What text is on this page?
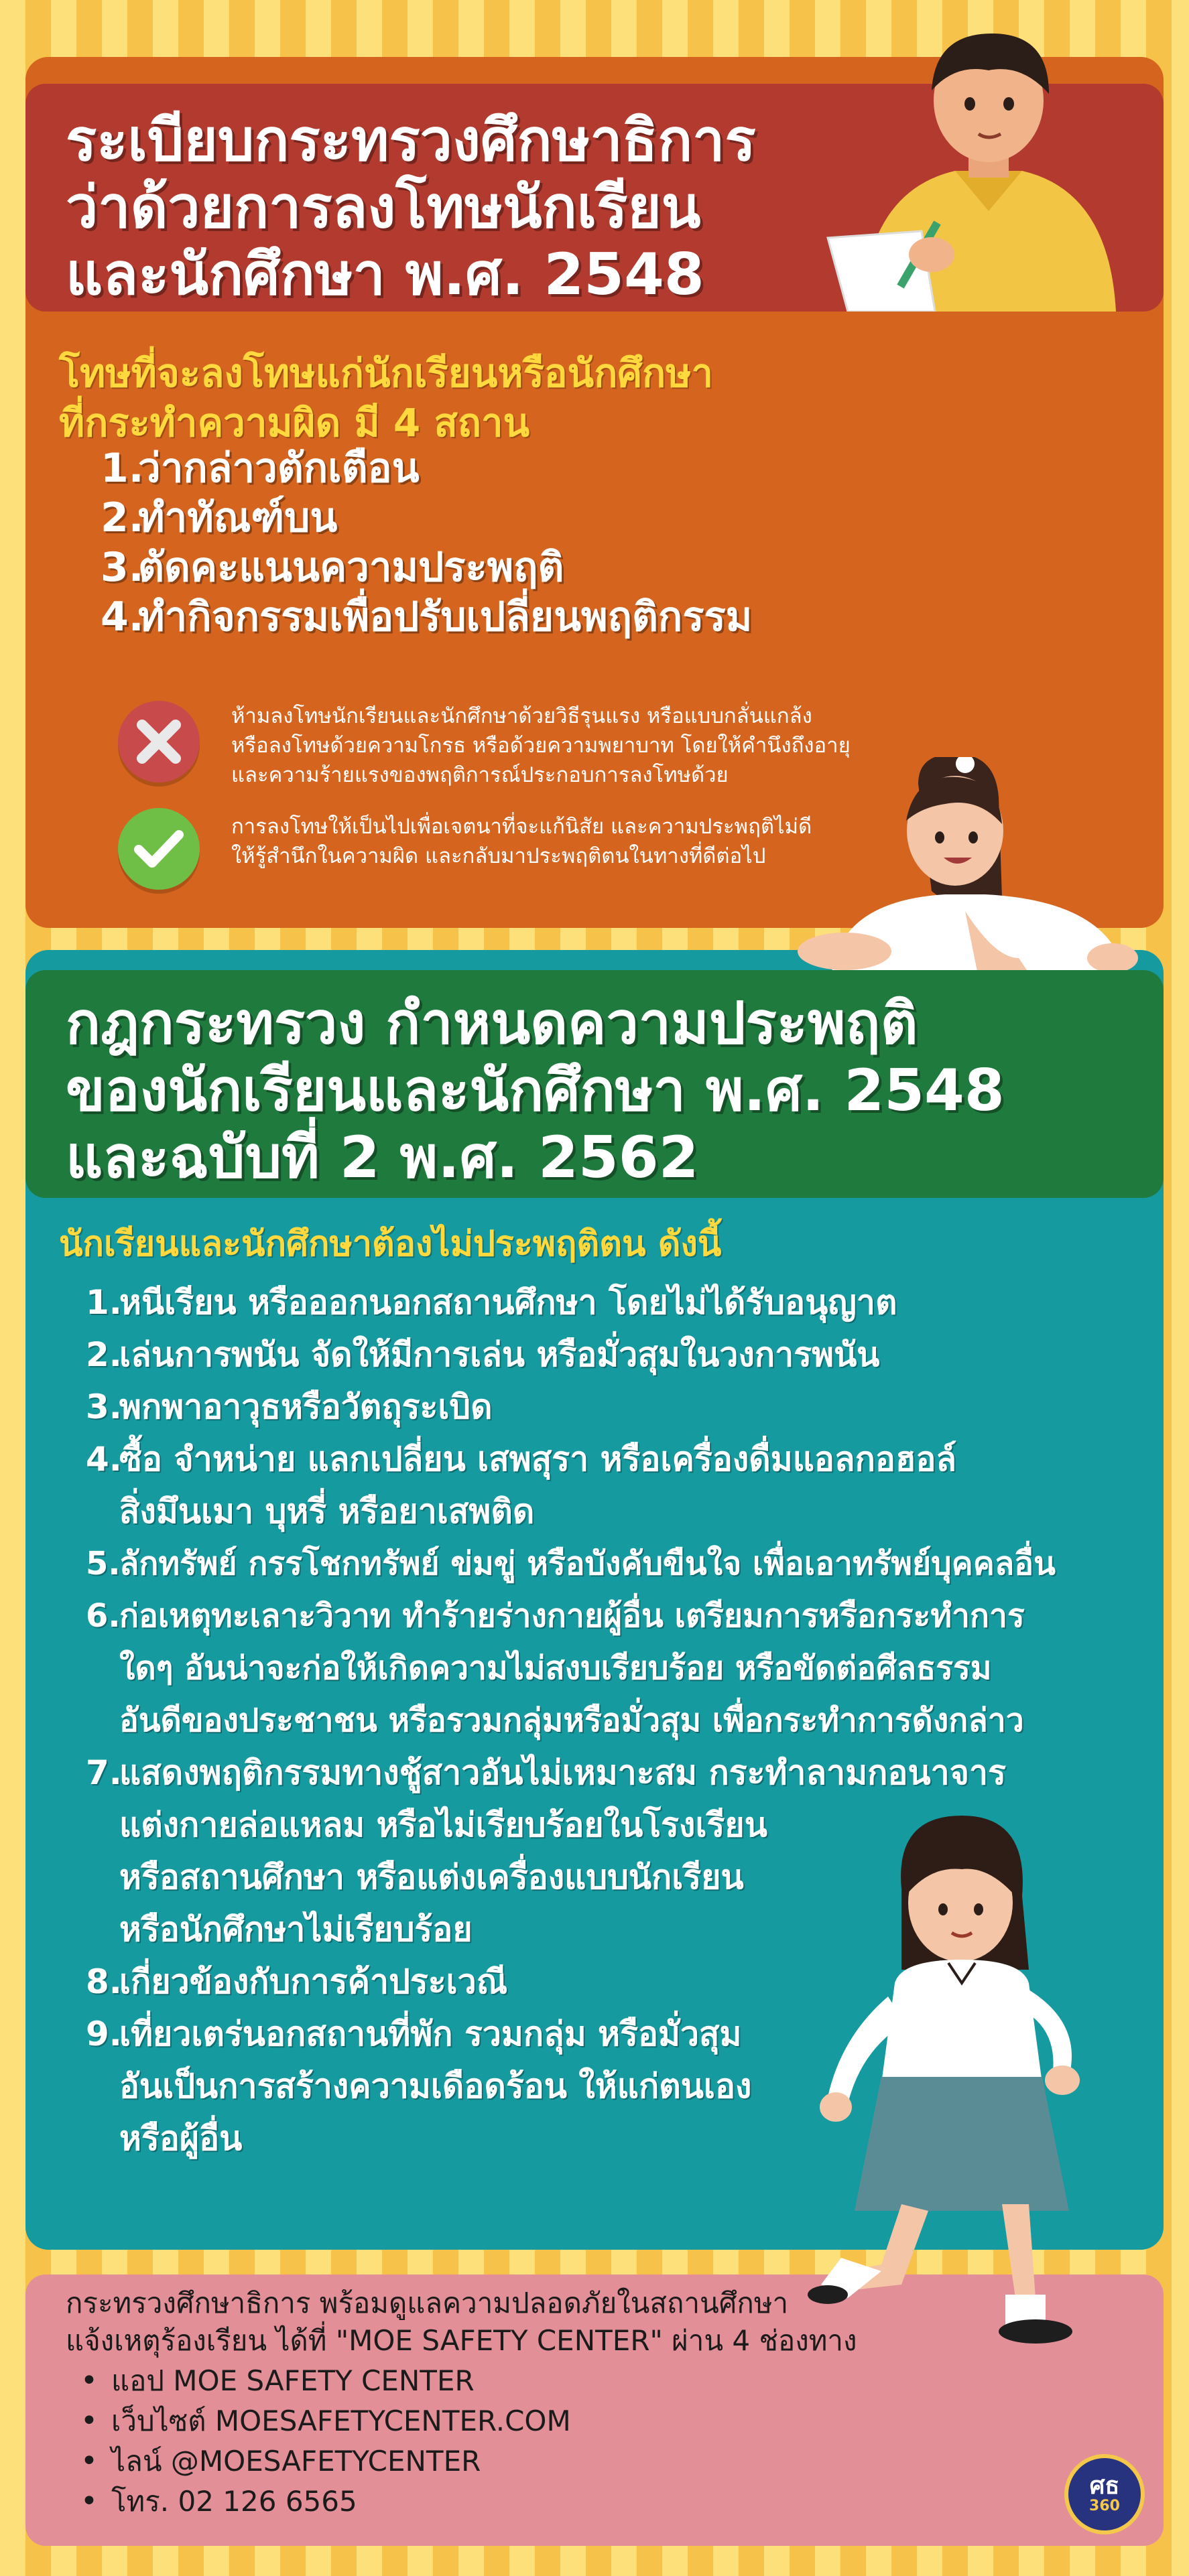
ระเบียบกระทรวงศึกษาธิการ
ว่าด้วยการลงโทษนักเรียน
และนักศึกษา พ.ศ. 2548
โทษที่จะลงโทษแก่นักเรียนหรือนักศึกษา
ที่กระทำความผิด มี 4 สถาน
1.ว่ากล่าวตักเตือน
2.ทำทัณฑ์บน
3.ตัดคะแนนความประพฤติ
4.ทำกิจกรรมเพื่อปรับเปลี่ยนพฤติกรรม
ห้ามลงโทษนักเรียนและนักศึกษาด้วยวิธีรุนแรง หรือแบบกลั่นแกล้ง
หรือลงโทษด้วยความโกรธ หรือด้วยความพยาบาท โดยให้คำนึงถึงอายุ
และความร้ายแรงของพฤติการณ์ประกอบการลงโทษด้วย
การลงโทษให้เป็นไปเพื่อเจตนาที่จะแก้นิสัย และความประพฤติไม่ดี
ให้รู้สำนึกในความผิด และกลับมาประพฤติตนในทางที่ดีต่อไป
กฎกระทรวง กำหนดความประพฤติ
ของนักเรียนและนักศึกษา พ.ศ. 2548
และฉบับที่ 2 พ.ศ. 2562
นักเรียนและนักศึกษาต้องไม่ประพฤติตน ดังนี้
1.หนีเรียน หรือออกนอกสถานศึกษา โดยไม่ได้รับอนุญาต
2.เล่นการพนัน จัดให้มีการเล่น หรือมั่วสุมในวงการพนัน
3.พกพาอาวุธหรือวัตถุระเบิด
4.ซื้อ จำหน่าย แลกเปลี่ยน เสพสุรา หรือเครื่องดื่มแอลกอฮอล์
สิ่งมึนเมา บุหรี่ หรือยาเสพติด
5.ลักทรัพย์ กรรโชกทรัพย์ ข่มขู่ หรือบังคับขืนใจ เพื่อเอาทรัพย์บุคคลอื่น
6.ก่อเหตุทะเลาะวิวาท ทำร้ายร่างกายผู้อื่น เตรียมการหรือกระทำการ
ใดๆ อันน่าจะก่อให้เกิดความไม่สงบเรียบร้อย หรือขัดต่อศีลธรรม
อันดีของประชาชน หรือรวมกลุ่มหรือมั่วสุม เพื่อกระทำการดังกล่าว
7.แสดงพฤติกรรมทางชู้สาวอันไม่เหมาะสม กระทำลามกอนาจาร
แต่งกายล่อแหลม หรือไม่เรียบร้อยในโรงเรียน
หรือสถานศึกษา หรือแต่งเครื่องแบบนักเรียน
หรือนักศึกษาไม่เรียบร้อย
8.เกี่ยวข้องกับการค้าประเวณี
9.เที่ยวเตร่นอกสถานที่พัก รวมกลุ่ม หรือมั่วสุม
อันเป็นการสร้างความเดือดร้อน ให้แก่ตนเอง
หรือผู้อื่น
กระทรวงศึกษาธิการ พร้อมดูแลความปลอดภัยในสถานศึกษา
แจ้งเหตุร้องเรียน ได้ที่ "MOE SAFETY CENTER" ผ่าน 4 ช่องทาง
• แอป MOE SAFETY CENTER
• เว็บไซต์ MOESAFETYCENTER.COM
• ไลน์ @MOESAFETYCENTER
• โทร. 02 126 6565	ศธ
360
